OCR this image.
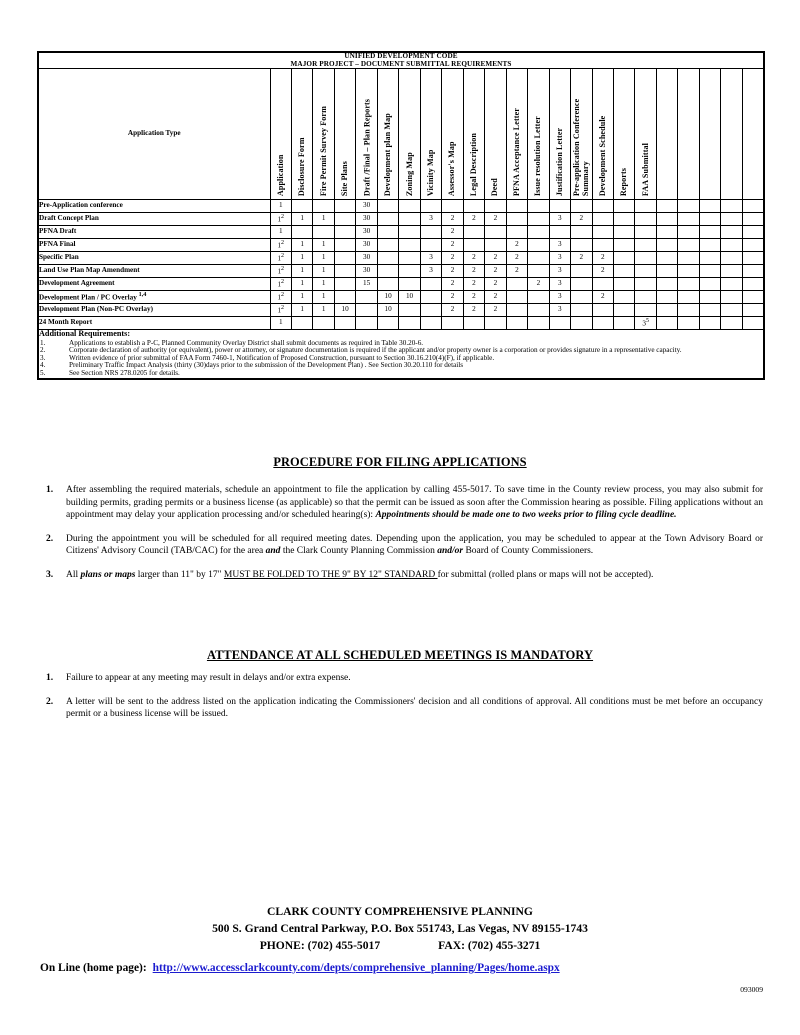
UNIFIED DEVELOPMENT CODE
MAJOR PROJECT – DOCUMENT SUBMITTAL REQUIREMENTS																							

Application Type	Application	Disclosure Form	Fire Permit Survey Form	Site Plans	Draft /Final – Plan Reports	Development plan Map	Zoning Map	Vicinity Map	Assessor's Map	Legal Description	Deed	PFNA Acceptance Letter	Issue resolution Letter	Justification Letter	Pre-application Conference Summary	Development Schedule	Reports	FAA Submittal					

Pre-Application conference	1				30																		
Draft Concept Plan	$1^2$	1	1		30			3	2	2	2			3	2								
PFNA Draft	1				30				2														
PFNA Final	$1^2$	1	1		30				2			2		3									
Specific Plan	$1^2$	1	1		30			3	2	2	2	2		3	2	2							
Land Use Plan Map Amendment	$1^2$	1	1		30			3	2	2	2	2		3		2							
Development Agreement	$1^2$	1	1		15				2	2	2		2	3									
Development Plan / PC Overlay $^{1,4}$	$1^2$	1	1			10	10		2	2	2			3		2							
Development Plan (Non-PC Overlay)	$1^2$	1	1	10		10			2	2	2			3									
24 Month Report	1																	$3^5$					

Additional Requirements:
1.	Applications to establish a P-C, Planned Community Overlay District shall submit documents as required in Table 30.20-6.
2.	Corporate declaration of authority (or equivalent), power or attorney, or signature documentation is required if the applicant and/or property owner is a corporation or provides signature in a representative capacity.
3.	Written evidence of prior submittal of FAA Form 7460-1, Notification of Proposed Construction, pursuant to Section 30.16.210(4)(F), if applicable.
4.	Preliminary Traffic Impact Analysis (thirty (30)days prior to the submission of the Development Plan) . See Section 30.20.110 for details
5.	See Section NRS 278.0205 for details.
PROCEDURE FOR FILING APPLICATIONS
1. After assembling the required materials, schedule an appointment to file the application by calling 455-5017. To save time in the County review process, you may also submit for building permits, grading permits or a business license (as applicable) so that the permit can be issued as soon after the Commission hearing as possible. Filing applications without an appointment may delay your application processing and/or scheduled hearing(s): Appointments should be made one to two weeks prior to filing cycle deadline.
2. During the appointment you will be scheduled for all required meeting dates. Depending upon the application, you may be scheduled to appear at the Town Advisory Board or Citizens' Advisory Council (TAB/CAC) for the area and the Clark County Planning Commission and/or Board of County Commissioners.
3. All plans or maps larger than 11" by 17" MUST BE FOLDED TO THE 9" BY 12" STANDARD for submittal (rolled plans or maps will not be accepted).
ATTENDANCE AT ALL SCHEDULED MEETINGS IS MANDATORY
1. Failure to appear at any meeting may result in delays and/or extra expense.
2. A letter will be sent to the address listed on the application indicating the Commissioners' decision and all conditions of approval. All conditions must be met before an occupancy permit or a business license will be issued.
CLARK COUNTY COMPREHENSIVE PLANNING
500 S. Grand Central Parkway, P.O. Box 551743, Las Vegas, NV 89155-1743
PHONE: (702) 455-5017	FAX: (702) 455-3271
On Line (home page): http://www.accessclarkcounty.com/depts/comprehensive_planning/Pages/home.aspx
093009
